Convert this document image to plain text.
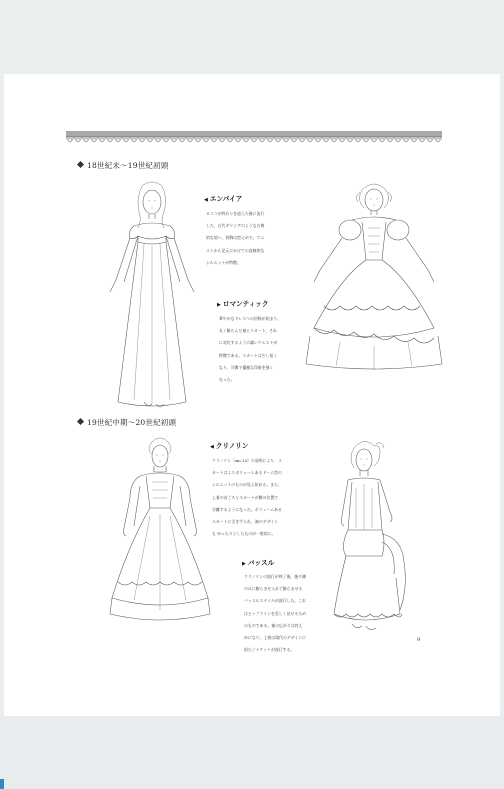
18世紀末～19世紀初頭
◀ エンパイア

ロココが終わりを迎えた後に流行

した、古代ギリシアのような古典

的な装い。装飾は控えめで、ウエ

ストから足元にかけての直線的な

シルエットが特徴。

▶ ロマンティック

華やかなドレスへの回帰が始まり、

丸く膨らんだ袖とスカート、それ

に対比するように細いウエストが

特徴である。スカートは少し短く

なり、可憐で優雅な印象を強く

なった。

19世紀中期～20世紀初頭
◀ クリノリン

クリノリン（➡p.14）の発明により、ス

カートはよりボリュームあるドーム型の

シルエットのものが見え始める。また、

上着の首ごろとスカートが腰の位置で

分離するようになった。ボリュームある

スカートに引きずられ、袖のデザイン

も ゆったりとしたものが一般的に。

▶ バッスル

クリノリンの流行が終了後、後ろ側

のみに膨らませ入れて膨らませる

バッスルスタイルが流行した。これ

はヒップラインを美しく見せるため

のものである。袖の広がりは控え

めになり、上着は現代のデザインに

似たジャケットが流行する。

9
